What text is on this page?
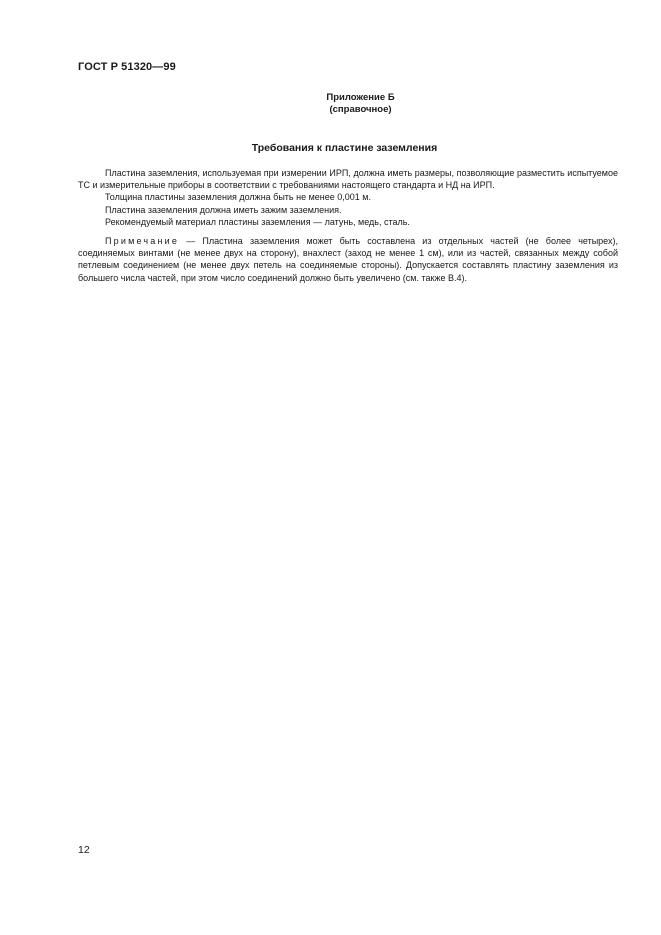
ГОСТ Р 51320—99
Приложение Б
(справочное)
Требования к пластине заземления

Пластина заземления, используемая при измерении ИРП, должна иметь размеры, позволяющие разместить испытуемое ТС и измерительные приборы в соответствии с требованиями настоящего стандарта и НД на ИРП.

Толщина пластины заземления должна быть не менее 0,001 м.

Пластина заземления должна иметь зажим заземления.

Рекомендуемый материал пластины заземления — латунь, медь, сталь.

Примечание — Пластина заземления может быть составлена из отдельных частей (не более четырех), соединяемых винтами (не менее двух на сторону), внахлест (заход не менее 1 см), или из частей, связанных между собой петлевым соединением (не менее двух петель на соединяемые стороны). Допускается составлять пластину заземления из большего числа частей, при этом число соединений должно быть увеличено (см. также В.4).

12
